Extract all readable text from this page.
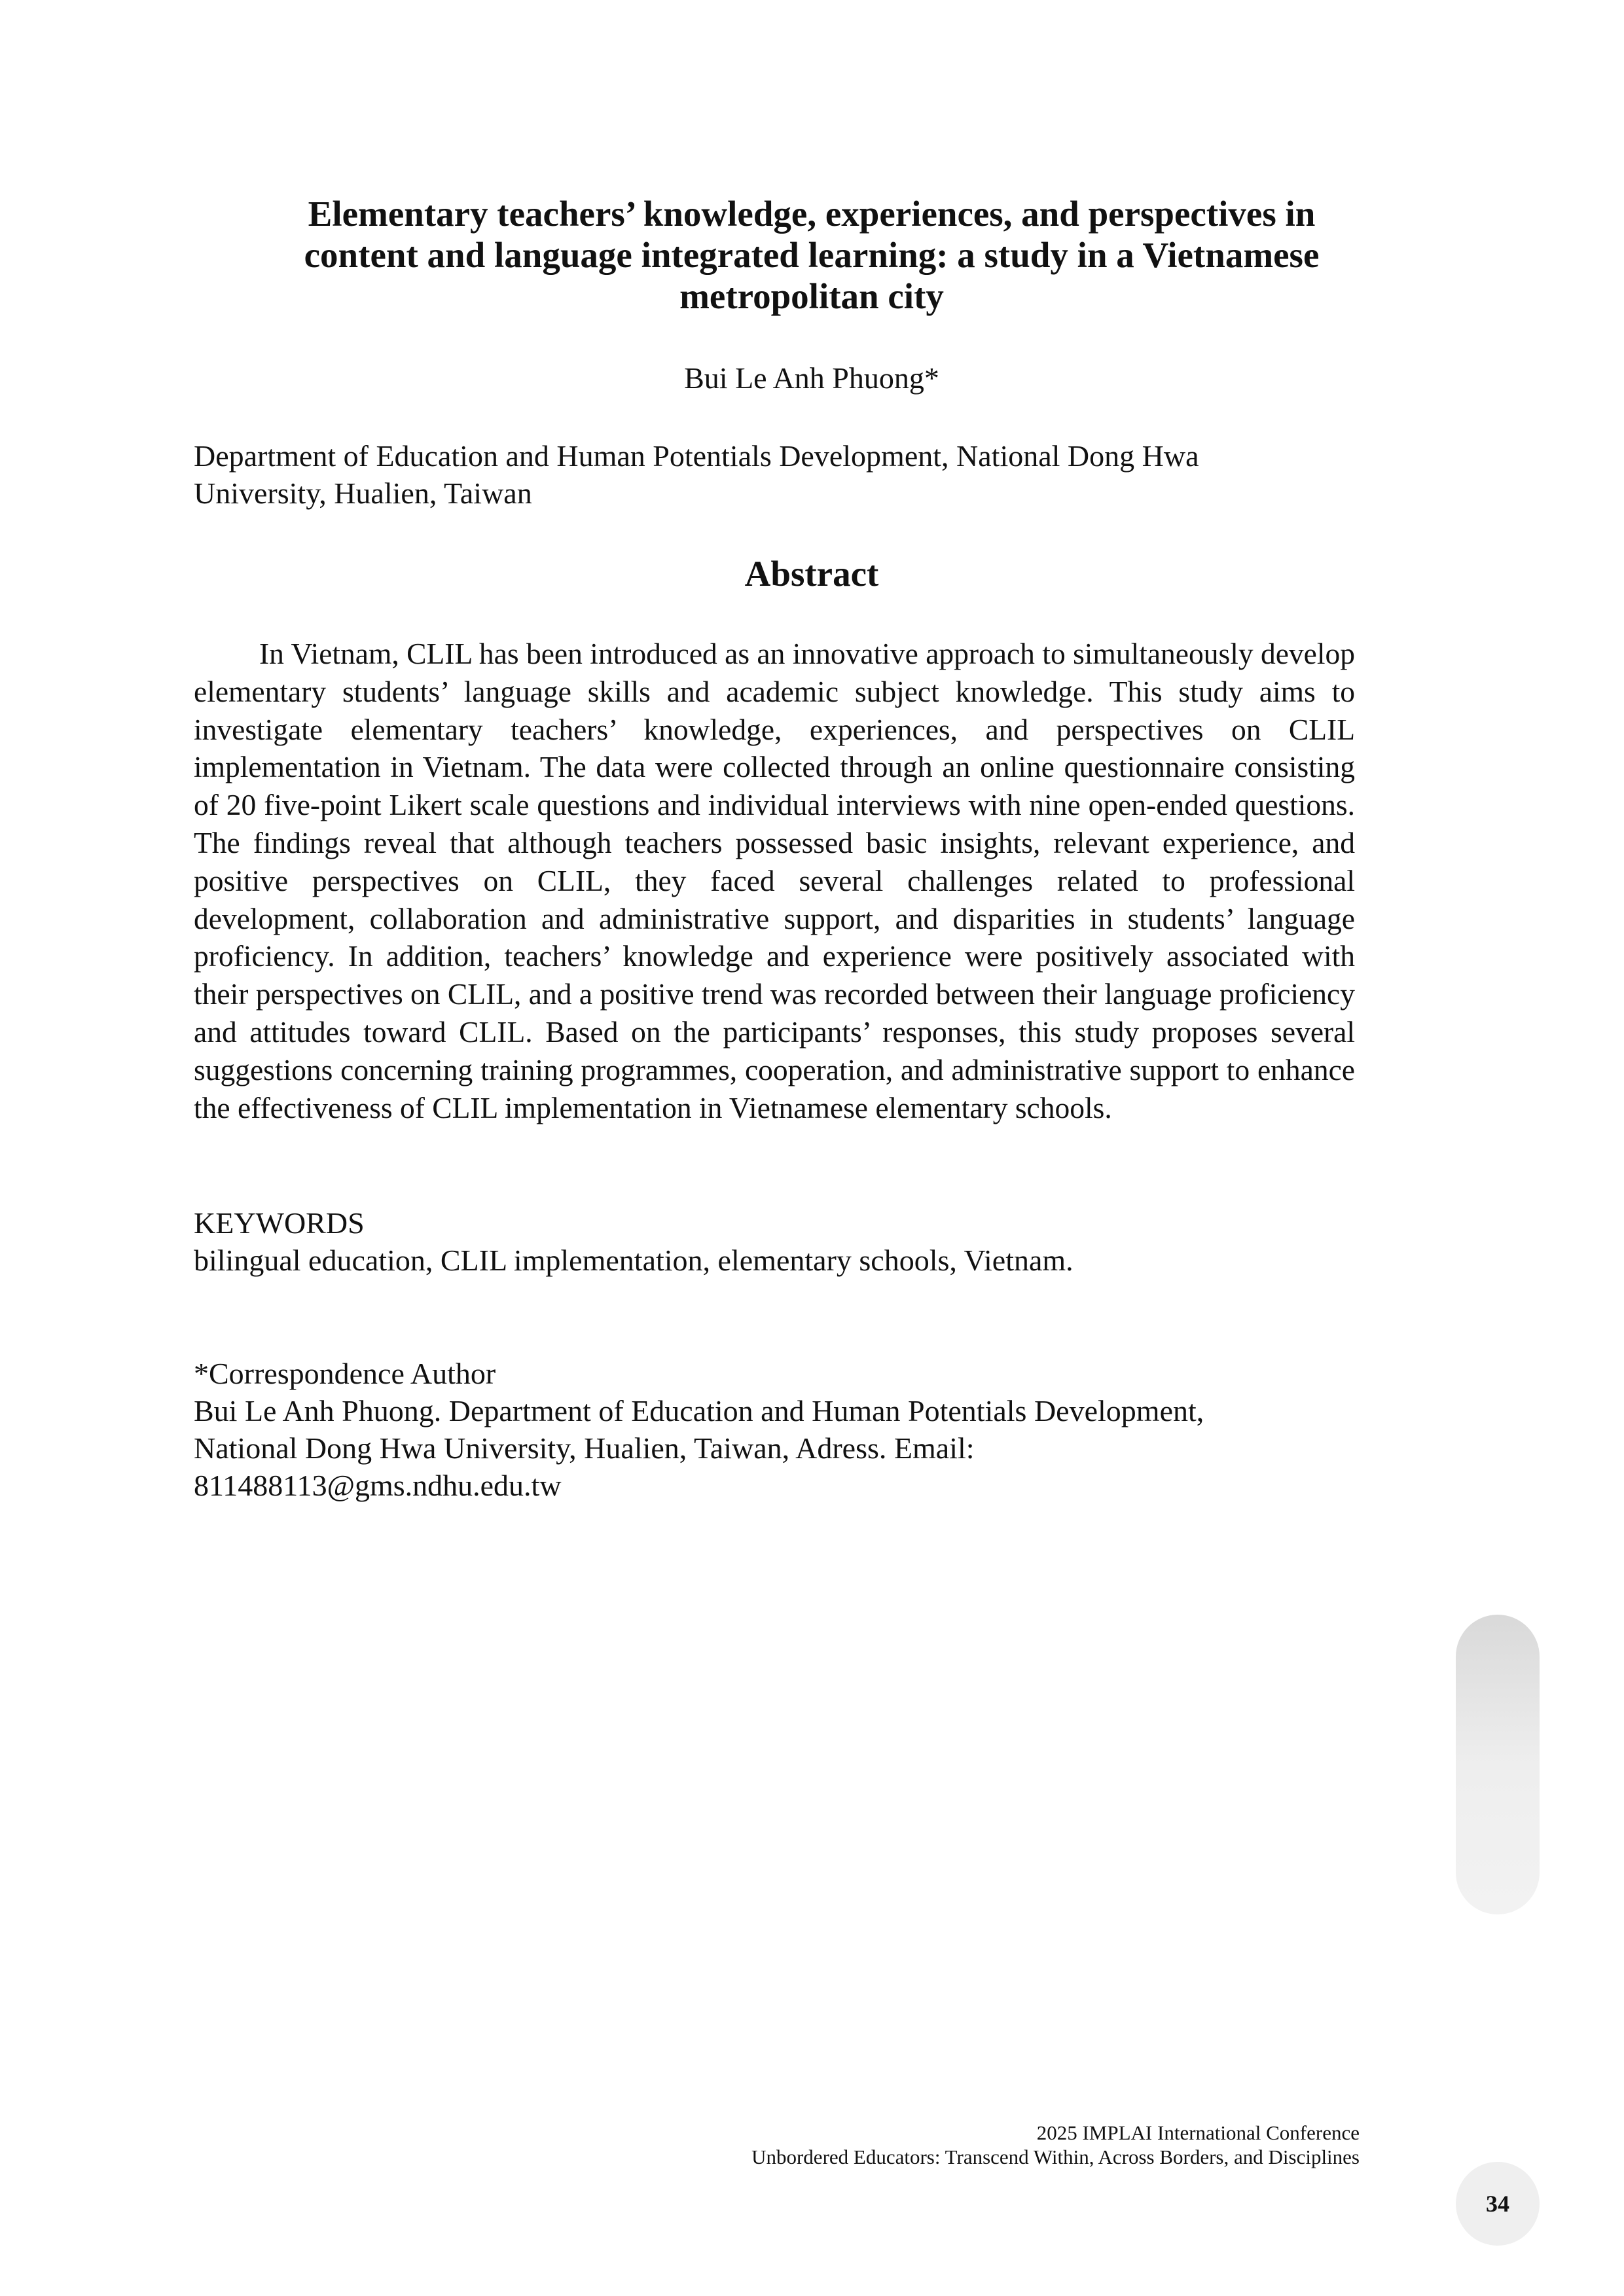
Elementary teachers’ knowledge, experiences, and perspectives in
content and language integrated learning: a study in a Vietnamese
metropolitan city
Bui Le Anh Phuong*
Department of Education and Human Potentials Development, National Dong Hwa
University, Hualien, Taiwan
Abstract

In Vietnam, CLIL has been introduced as an innovative approach to simultaneously develop elementary students’ language skills and academic subject knowledge. This study aims to investigate elementary teachers’ knowledge, experiences, and perspectives on CLIL implementation in Vietnam. The data were collected through an online questionnaire consisting of 20 five-point Likert scale questions and individual interviews with nine open-ended questions. The findings reveal that although teachers possessed basic insights, relevant experience, and positive perspectives on CLIL, they faced several challenges related to professional development, collaboration and administrative support, and disparities in students’ language proficiency. In addition, teachers’ knowledge and experience were positively associated with their perspectives on CLIL, and a positive trend was recorded between their language proficiency and attitudes toward CLIL. Based on the participants’ responses, this study proposes several suggestions concerning training programmes, cooperation, and administrative support to enhance the effectiveness of CLIL implementation in Vietnamese elementary schools.

KEYWORDS
bilingual education, CLIL implementation, elementary schools, Vietnam.
*Correspondence Author
Bui Le Anh Phuong. Department of Education and Human Potentials Development,
National Dong Hwa University, Hualien, Taiwan, Adress. Email:
811488113@gms.ndhu.edu.tw
2025 IMPLAI International Conference
Unbordered Educators: Transcend Within, Across Borders, and Disciplines
34
